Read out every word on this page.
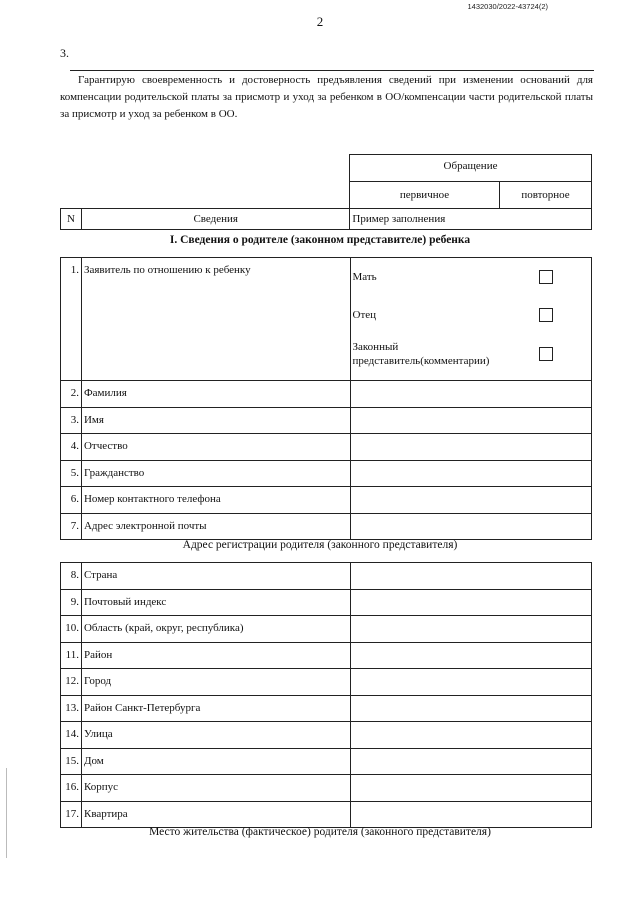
1432030/2022-43724(2)
2
3.
Гарантирую своевременность и достоверность предъявления сведений при изменении оснований для компенсации родительской платы за присмотр и уход за ребенком в ОО/компенсации части родительской платы за присмотр и уход за ребенком в ОО.
Обращение
первичное	повторное
N	Сведения	Пример заполнения
I. Сведения о родителе (законном представителе) ребенка
1.	Заявитель по отношению к ребенку	Мать
Отец
Законный представитель(комментарии)

2.	Фамилия	
3.	Имя	
4.	Отчество	
5.	Гражданство	
6.	Номер контактного телефона	
7.	Адрес электронной почты	
Адрес регистрации родителя (законного представителя)
8.	Страна	
9.	Почтовый индекс	
10.	Область (край, округ, республика)	
11.	Район	
12.	Город	
13.	Район Санкт-Петербурга	
14.	Улица	
15.	Дом	
16.	Корпус	
17.	Квартира	
Место жительства (фактическое) родителя (законного представителя)
